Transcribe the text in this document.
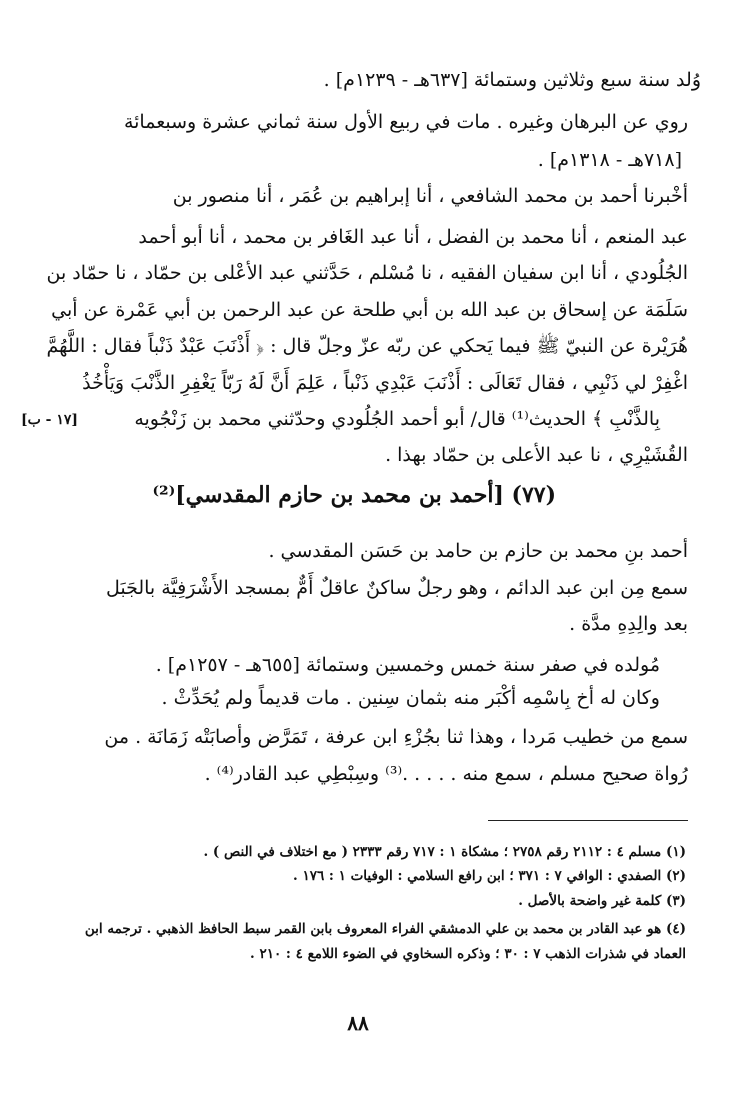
وُلد سنة سبع وثلاثين وستمائة [٦٣٧هـ - ١٢٣٩م] .
روي عن البرهان وغيره . مات في ربيع الأول سنة ثماني عشرة وسبعمائة
[٧١٨هـ - ١٣١٨م] .
أخْبرنا أحمد بن محمد الشافعي ، أنا إبراهيم بن عُمَر ، أنا منصور بن
عبد المنعم ، أنا محمد بن الفضل ، أنا عبد الغَافر بن محمد ، أنا أبو أحمد
الجُلُودي ، أنا ابن سفيان الفقيه ، نا مُسْلم ، حَدَّثني عبد الأعْلى بن حمّاد ، نا حمّاد بن
سَلَمَة عن إسحاق بن عبد الله بن أبي طلحة عن عبد الرحمن بن أبي عَمْرة عن أبي
هُرَيْرة عن النبيّ ﷺ فيما يَحكي عن ربّه عزّ وجلّ قال : ﴿ أَذْنَبَ عَبْدٌ ذَنْباً فقال : اللَّهُمَّ
اغْفِرْ لي ذَنْبِي ، فقال تَعَالَى : أَذْنَبَ عَبْدِي ذَنْباً ، عَلِمَ أَنَّ لَهُ رَبّاً يَغْفِرِ الذَّنْبَ وَيَأْخُذُ
بِالذَّنْبِ ﴾ الحديث⁽¹⁾ قال/ أبو أحمد الجُلُودي وحدّثني محمد بن زَنْجُويه
القُشَيْرِي ، نا عبد الأعلى بن حمّاد بهذا .
[١٧ - ب]
(٧٧) [أحمد بن محمد بن حازم المقدسي]⁽²⁾
أحمد بنِ محمد بن حازم بن حامد بن حَسَن المقدسي .
سمع مِن ابن عبد الدائم ، وهو رجلٌ ساكنٌ عاقلٌ أَمٌّ بمسجد الأَشْرَفِيَّة بالجَبَل
بعد والِدِهِ مدَّة .
مُولده في صفر سنة خمس وخمسين وستمائة [٦٥٥هـ - ١٢٥٧م] .
وكان له أخ بِاسْمِه أكْبَر منه بثمان سِنين . مات قديماً ولم يُحَدِّثْ .
سمع من خطيب مَردا ، وهذا ثنا بجُزْءِ ابن عرفة ، تَمَرَّض وأصابَتْه زَمَانَة . من
رُواة صحيح مسلم ، سمع منه . . . . .⁽³⁾ وسِبْطِي عبد القادر⁽⁴⁾ .
(١) مسلم ٤ : ٢١١٢ رقم ٢٧٥٨ ؛ مشكاة ١ : ٧١٧ رقم ٢٣٣٣ ( مع اختلاف في النص ) .
(٢) الصفدي : الوافي ٧ : ٣٧١ ؛ ابن رافع السلامي : الوفيات ١ : ١٧٦ .
(٣) كلمة غير واضحة بالأصل .
(٤) هو عبد القادر بن محمد بن علي الدمشقي الفراء المعروف بابن القمر سبط الحافظ الذهبي . ترجمه ابن
العماد في شذرات الذهب ٧ : ٣٠ ؛ وذكره السخاوي في الضوء اللامع ٤ : ٢١٠ .
٨٨
